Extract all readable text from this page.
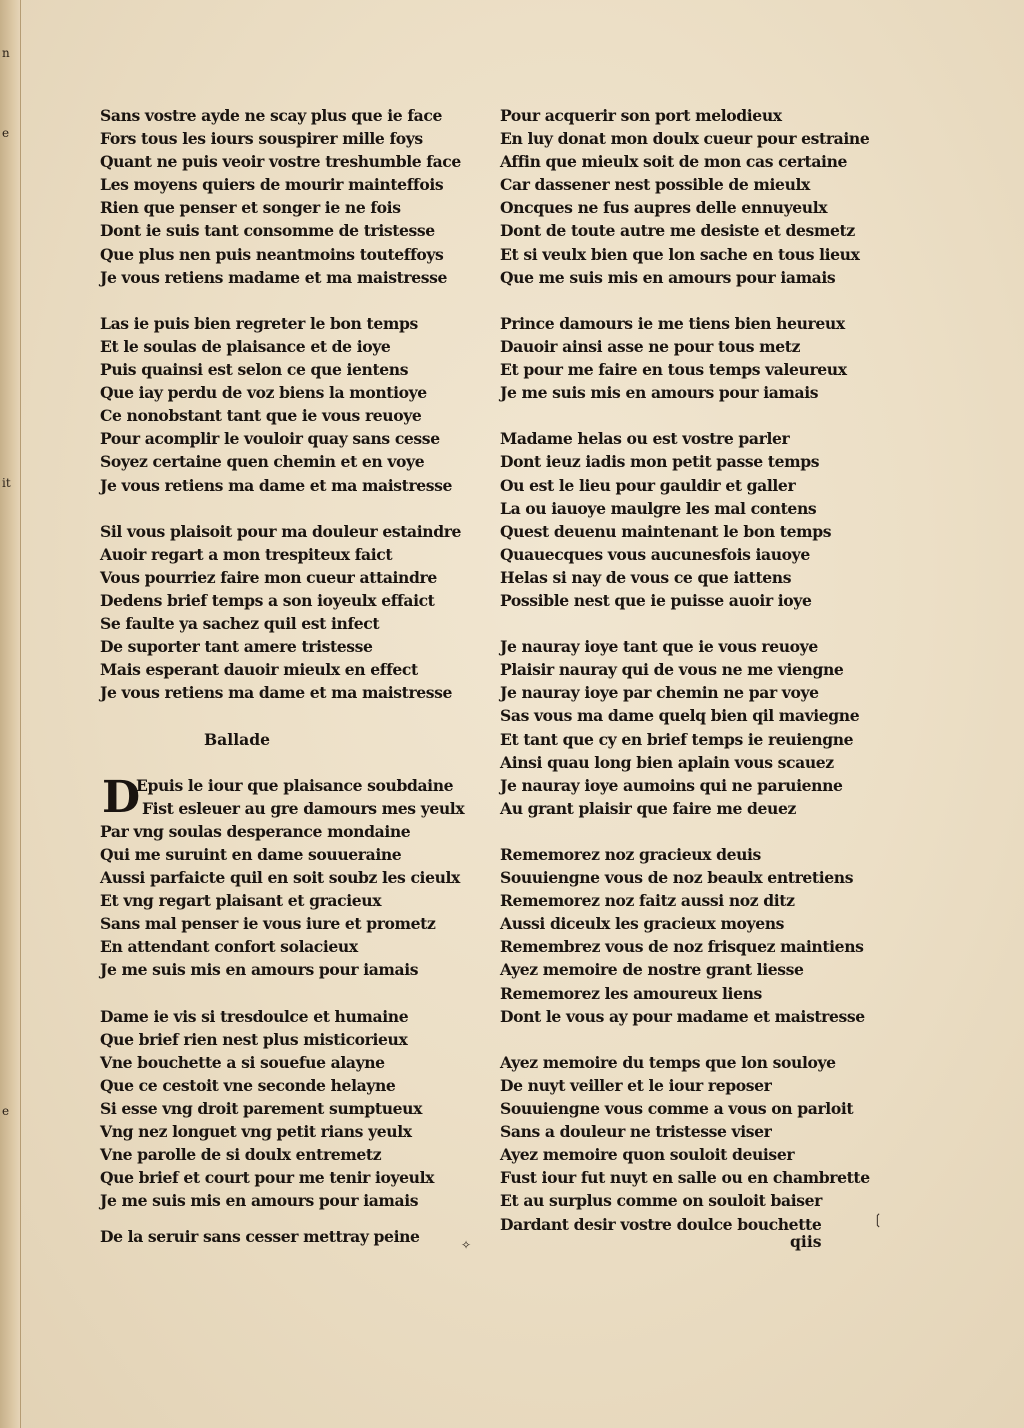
n
e
it
e
Sans vostre ayde ne scay plus que ie face
Fors tous les iours souspirer mille foys
Quant ne puis veoir vostre treshumble face
Les moyens quiers de mourir mainteffois
Rien que penser et songer ie ne fois
Dont ie suis tant consomme de tristesse
Que plus nen puis neantmoins touteffoys
Je vous retiens madame et ma maistresse
Las ie puis bien regreter le bon temps
Et le soulas de plaisance et de ioye
Puis quainsi est selon ce que ientens
Que iay perdu de voz biens la montioye
Ce nonobstant tant que ie vous reuoye
Pour acomplir le vouloir quay sans cesse
Soyez certaine quen chemin et en voye
Je vous retiens ma dame et ma maistresse
Sil vous plaisoit pour ma douleur estaindre
Auoir regart a mon trespiteux faict
Vous pourriez faire mon cueur attaindre
Dedens brief temps a son ioyeulx effaict
Se faulte ya sachez quil est infect
De suporter tant amere tristesse
Mais esperant dauoir mieulx en effect
Je vous retiens ma dame et ma maistresse
Ballade
D
Epuis le iour que plaisance soubdaine
Fist esleuer au gre damours mes yeulx
Par vng soulas desperance mondaine
Qui me suruint en dame souueraine
Aussi parfaicte quil en soit soubz les cieulx
Et vng regart plaisant et gracieux
Sans mal penser ie vous iure et prometz
En attendant confort solacieux
Je me suis mis en amours pour iamais
Dame ie vis si tresdoulce et humaine
Que brief rien nest plus misticorieux
Vne bouchette a si souefue alayne
Que ce cestoit vne seconde helayne
Si esse vng droit parement sumptueux
Vng nez longuet vng petit rians yeulx
Vne parolle de si doulx entremetz
Que brief et court pour me tenir ioyeulx
Je me suis mis en amours pour iamais
De la seruir sans cesser mettray peine
Pour acquerir son port melodieux
En luy donat mon doulx cueur pour estraine
Affin que mieulx soit de mon cas certaine
Car dassener nest possible de mieulx
Oncques ne fus aupres delle ennuyeulx
Dont de toute autre me desiste et desmetz
Et si veulx bien que lon sache en tous lieux
Que me suis mis en amours pour iamais
Prince damours ie me tiens bien heureux
Dauoir ainsi asse ne pour tous metz
Et pour me faire en tous temps valeureux
Je me suis mis en amours pour iamais
Madame helas ou est vostre parler
Dont ieuz iadis mon petit passe temps
Ou est le lieu pour gauldir et galler
La ou iauoye maulgre les mal contens
Quest deuenu maintenant le bon temps
Quauecques vous aucunesfois iauoye
Helas si nay de vous ce que iattens
Possible nest que ie puisse auoir ioye
Je nauray ioye tant que ie vous reuoye
Plaisir nauray qui de vous ne me viengne
Je nauray ioye par chemin ne par voye
Sas vous ma dame quelq bien qil maviegne
Et tant que cy en brief temps ie reuiengne
Ainsi quau long bien aplain vous scauez
Je nauray ioye aumoins qui ne paruienne
Au grant plaisir que faire me deuez
Rememorez noz gracieux deuis
Souuiengne vous de noz beaulx entretiens
Rememorez noz faitz aussi noz ditz
Aussi diceulx les gracieux moyens
Remembrez vous de noz frisquez maintiens
Ayez memoire de nostre grant liesse
Rememorez les amoureux liens
Dont le vous ay pour madame et maistresse
Ayez memoire du temps que lon souloye
De nuyt veiller et le iour reposer
Souuiengne vous comme a vous on parloit
Sans a douleur ne tristesse viser
Ayez memoire quon souloit deuiser
Fust iour fut nuyt en salle ou en chambrette
Et au surplus comme on souloit baiser
Dardant desir vostre doulce bouchette
✧
❲
qiis
